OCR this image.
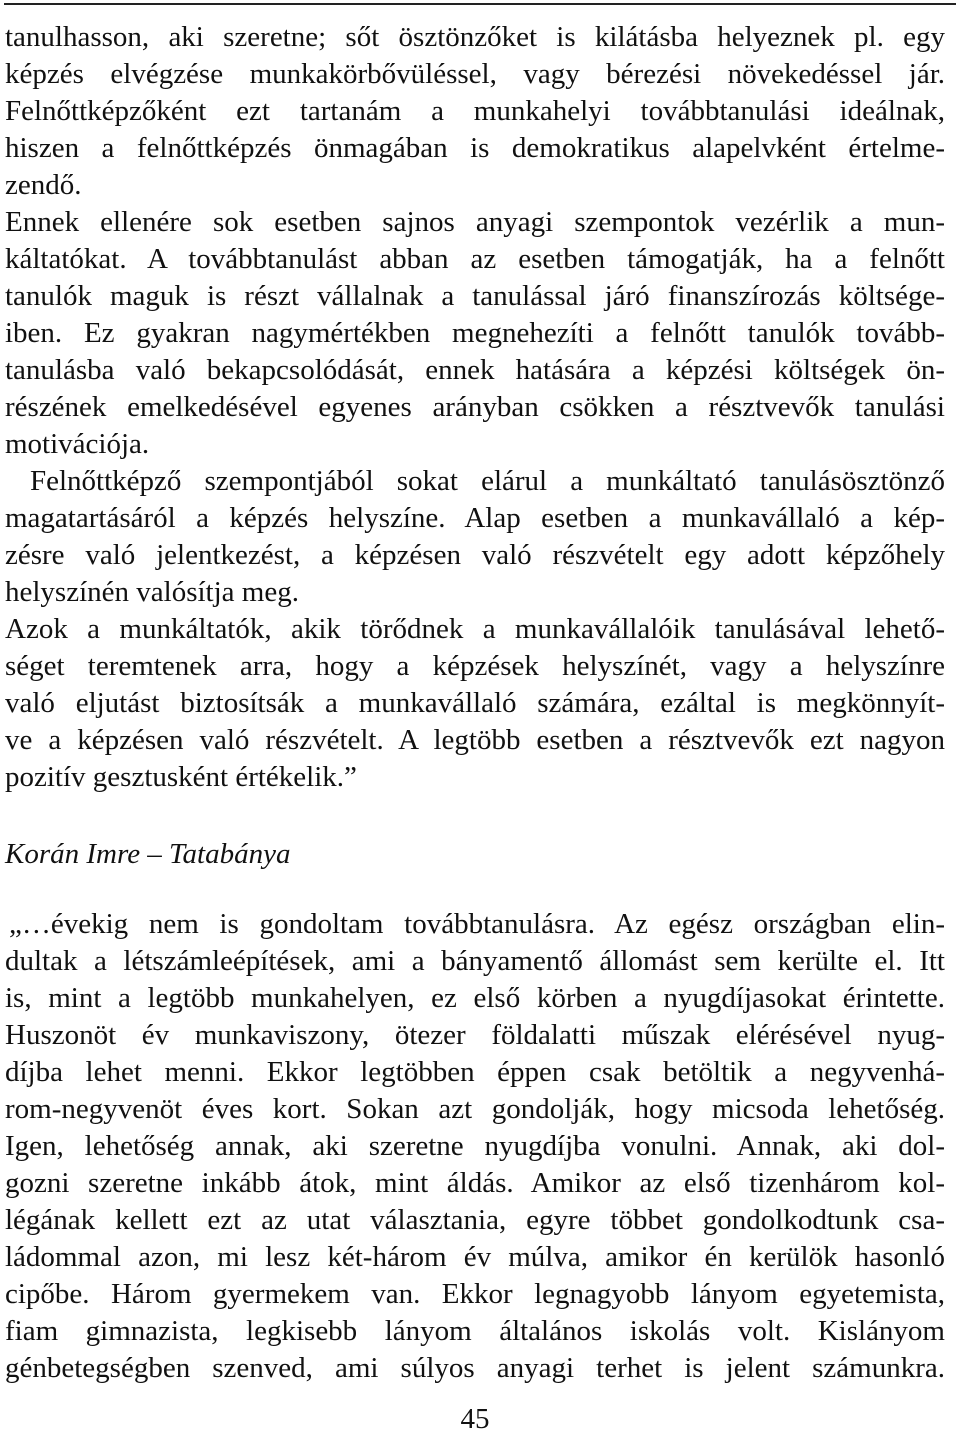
tanulhasson, aki szeretne; sőt ösztönzőket is kilátásba helyeznek pl. egy
képzés elvégzése munkakörbővüléssel, vagy bérezési növekedéssel jár.
Felnőttképzőként ezt tartanám a munkahelyi továbbtanulási ideálnak,
hiszen a felnőttképzés önmagában is demokratikus alapelvként értelme-
zendő.
Ennek ellenére sok esetben sajnos anyagi szempontok vezérlik a mun-
káltatókat. A továbbtanulást abban az esetben támogatják, ha a felnőtt
tanulók maguk is részt vállalnak a tanulással járó finanszírozás költsége-
iben. Ez gyakran nagymértékben megnehezíti a felnőtt tanulók tovább-
tanulásba való bekapcsolódását, ennek hatására a képzési költségek ön-
részének emelkedésével egyenes arányban csökken a résztvevők tanulási
motivációja.
Felnőttképző szempontjából sokat elárul a munkáltató tanulásösztönző
magatartásáról a képzés helyszíne. Alap esetben a munkavállaló a kép-
zésre való jelentkezést, a képzésen való részvételt egy adott képzőhely
helyszínén valósítja meg.
Azok a munkáltatók, akik törődnek a munkavállalóik tanulásával lehető-
séget teremtenek arra, hogy a képzések helyszínét, vagy a helyszínre
való eljutást biztosítsák a munkavállaló számára, ezáltal is megkönnyít-
ve a képzésen való részvételt. A legtöbb esetben a résztvevők ezt nagyon
pozitív gesztusként értékelik.”
Korán Imre – Tatabánya
„…évekig nem is gondoltam továbbtanulásra. Az egész országban elin-
dultak a létszámleépítések, ami a bányamentő állomást sem kerülte el. Itt
is, mint a legtöbb munkahelyen, ez első körben a nyugdíjasokat érintette.
Huszonöt év munkaviszony, ötezer földalatti műszak elérésével nyug-
díjba lehet menni. Ekkor legtöbben éppen csak betöltik a negyvenhá-
rom-negyvenöt éves kort. Sokan azt gondolják, hogy micsoda lehetőség.
Igen, lehetőség annak, aki szeretne nyugdíjba vonulni. Annak, aki dol-
gozni szeretne inkább átok, mint áldás. Amikor az első tizenhárom kol-
légának kellett ezt az utat választania, egyre többet gondolkodtunk csa-
ládommal azon, mi lesz két-három év múlva, amikor én kerülök hasonló
cipőbe. Három gyermekem van. Ekkor legnagyobb lányom egyetemista,
fiam gimnazista, legkisebb lányom általános iskolás volt. Kislányom
génbetegségben szenved, ami súlyos anyagi terhet is jelent számunkra.
45
